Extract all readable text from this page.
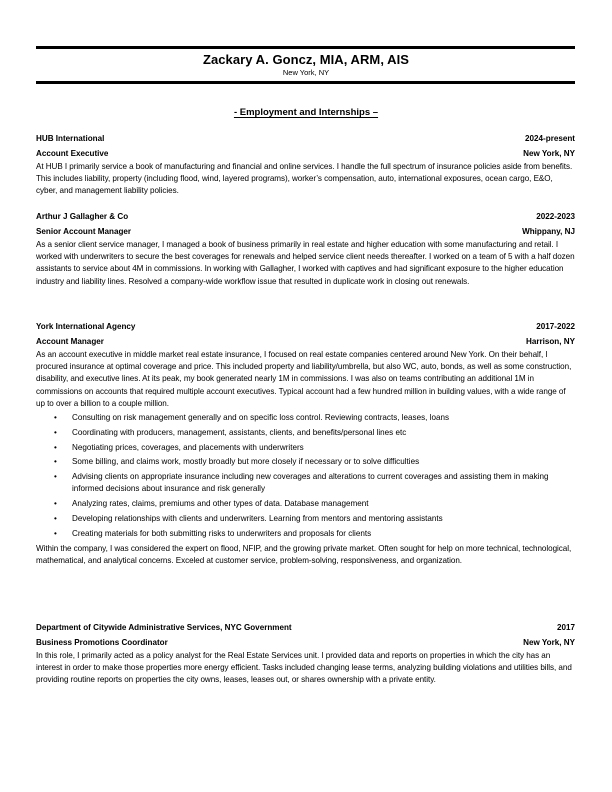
Zackary A. Goncz, MIA, ARM, AIS
New York, NY
- Employment and Internships –
HUB International	2024-present
Account Executive	New York, NY

At HUB I primarily service a book of manufacturing and financial and online services. I handle the full spectrum of insurance policies aside from benefits. This includes liability, property (including flood, wind, layered programs), worker’s compensation, auto, international exposures, ocean cargo, E&O, cyber, and management liability policies.

Arthur J Gallagher & Co	2022-2023
Senior Account Manager	Whippany, NJ

As a senior client service manager, I managed a book of business primarily in real estate and higher education with some manufacturing and retail. I worked with underwriters to secure the best coverages for renewals and helped service client needs thereafter. I worked on a team of 5 with a half dozen assistants to service about 4M in commissions. In working with Gallagher, I worked with captives and had significant exposure to the higher education industry and liability lines. Resolved a company-wide workflow issue that resulted in duplicate work in closing out renewals.

York International Agency	2017-2022
Account Manager	Harrison, NY

As an account executive in middle market real estate insurance, I focused on real estate companies centered around New York. On their behalf, I procured insurance at optimal coverage and price. This included property and liability/umbrella, but also WC, auto, bonds, as well as some construction, disability, and executive lines. At its peak, my book generated nearly 1M in commissions. I was also on teams contributing an additional 1M in commissions on accounts that required multiple account executives. Typical account had a few hundred million in building values, with a wide range of up to over a billion to a couple million.

• Consulting on risk management generally and on specific loss control. Reviewing contracts, leases, loans
• Coordinating with producers, management, assistants, clients, and benefits/personal lines etc
• Negotiating prices, coverages, and placements with underwriters
• Some billing, and claims work, mostly broadly but more closely if necessary or to solve difficulties
• Advising clients on appropriate insurance including new coverages and alterations to current coverages and assisting them in making informed decisions about insurance and risk generally
• Analyzing rates, claims, premiums and other types of data. Database management
• Developing relationships with clients and underwriters. Learning from mentors and mentoring assistants
• Creating materials for both submitting risks to underwriters and proposals for clients

Within the company, I was considered the expert on flood, NFIP, and the growing private market. Often sought for help on more technical, technological, mathematical, and analytical concerns. Exceled at customer service, problem-solving, responsiveness, and organization.

Department of Citywide Administrative Services, NYC Government	2017
Business Promotions Coordinator	New York, NY

In this role, I primarily acted as a policy analyst for the Real Estate Services unit. I provided data and reports on properties in which the city has an interest in order to make those properties more energy efficient. Tasks included changing lease terms, analyzing building violations and utilities bills, and providing routine reports on properties the city owns, leases, leases out, or shares ownership with a private entity.
